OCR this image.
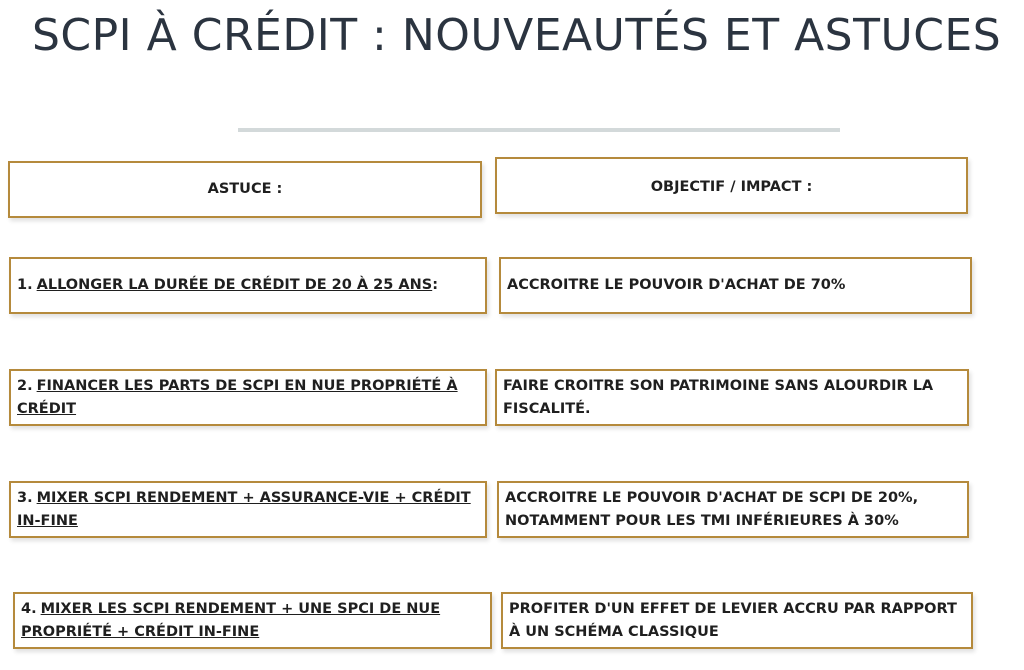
SCPI À CRÉDIT : NOUVEAUTÉS ET ASTUCES
ASTUCE :	OBJECTIF / IMPACT :
1. ALLONGER LA DURÉE DE CRÉDIT DE 20 À 25 ANS:	ACCROITRE LE POUVOIR D'ACHAT DE 70%
2. FINANCER LES PARTS DE SCPI EN NUE PROPRIÉTÉ À CRÉDIT
FAIRE CROITRE SON PATRIMOINE SANS ALOURDIR LA FISCALITÉ.
3. MIXER SCPI RENDEMENT + ASSURANCE-VIE + CRÉDIT IN-FINE
ACCROITRE LE POUVOIR D'ACHAT DE SCPI DE 20%, NOTAMMENT POUR LES TMI INFÉRIEURES À 30%
4. MIXER LES SCPI RENDEMENT + UNE SPCI DE NUE PROPRIÉTÉ + CRÉDIT IN-FINE
PROFITER D'UN EFFET DE LEVIER ACCRU PAR RAPPORT À UN SCHÉMA CLASSIQUE
